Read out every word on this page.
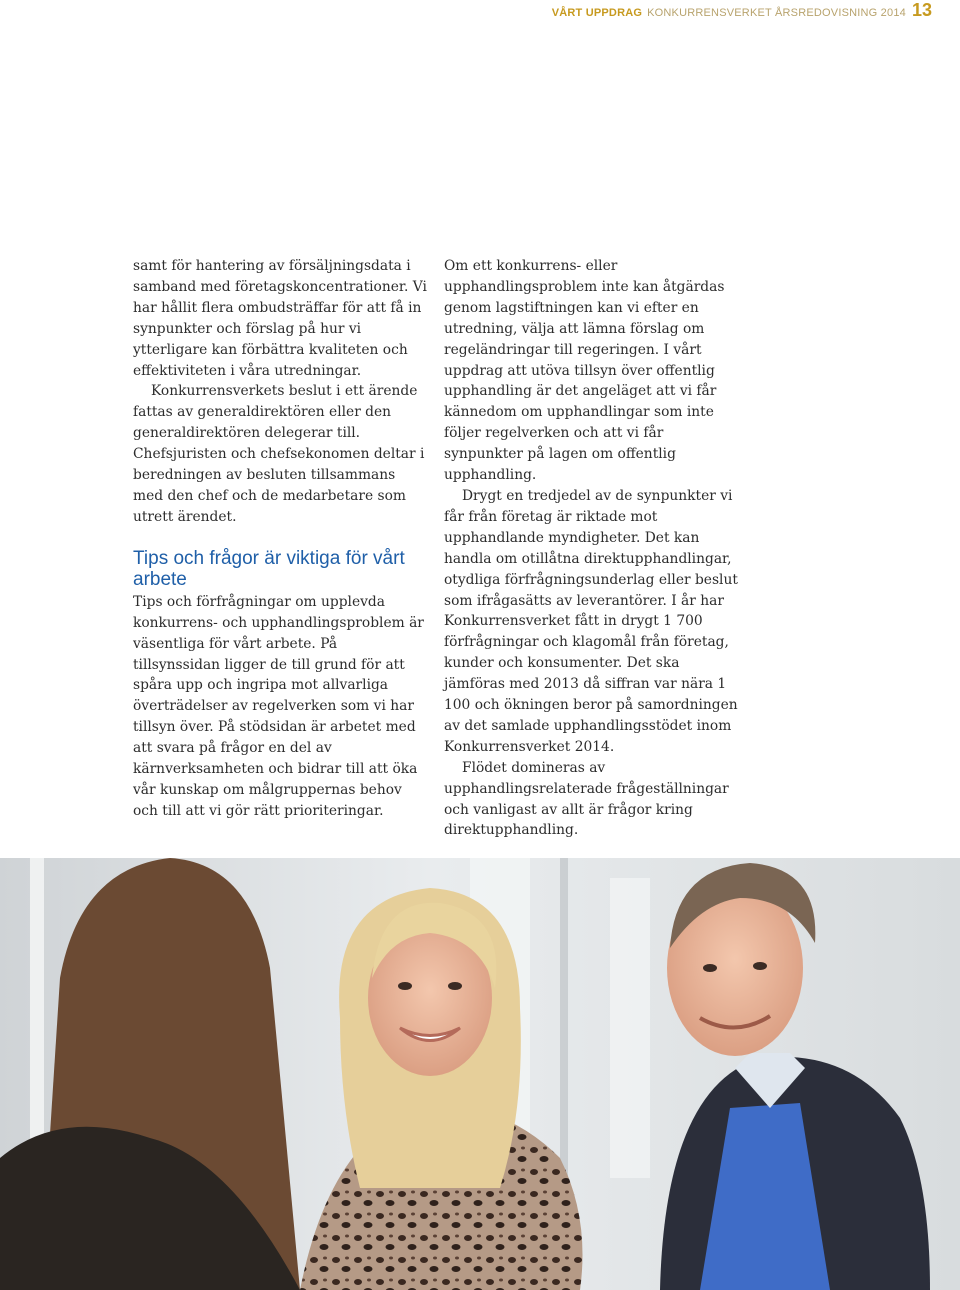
VÅRT UPPDRAG KONKURRENSVERKET ÅRSREDOVISNING 2014 13

samt för hantering av försäljningsdata i samband med företagskoncentrationer. Vi har hållit flera ombudsträffar för att få in synpunkter och förslag på hur vi ytterligare kan förbättra kvaliteten och effektiviteten i våra utredningar.

Konkurrensverkets beslut i ett ärende fattas av generaldirektören eller den generaldirektören delegerar till. Chefsjuristen och chefsekonomen deltar i beredningen av besluten tillsammans med den chef och de medarbetare som utrett ärendet.

Tips och frågor är viktiga för vårt arbete

Tips och förfrågningar om upplevda konkurrens- och upphandlingsproblem är väsentliga för vårt arbete. På tillsynssidan ligger de till grund för att spåra upp och ingripa mot allvarliga överträdelser av regelverken som vi har tillsyn över. På stödsidan är arbetet med att svara på frågor en del av kärnverksamheten och bidrar till att öka vår kunskap om målgruppernas behov och till att vi gör rätt prioriteringar.

Om ett konkurrens- eller upphandlingsproblem inte kan åtgärdas genom lagstiftningen kan vi efter en utredning, välja att lämna förslag om regeländringar till regeringen. I vårt uppdrag att utöva tillsyn över offentlig upphandling är det angeläget att vi får kännedom om upphandlingar som inte följer regelverken och att vi får synpunkter på lagen om offentlig upphandling.

Drygt en tredjedel av de synpunkter vi får från företag är riktade mot upphandlande myndigheter. Det kan handla om otillåtna direktupphandlingar, otydliga förfrågningsunderlag eller beslut som ifrågasätts av leverantörer. I år har Konkurrensverket fått in drygt 1 700 förfrågningar och klagomål från företag, kunder och konsumenter. Det ska jämföras med 2013 då siffran var nära 1 100 och ökningen beror på samordningen av det samlade upphandlingsstödet inom Konkurrensverket 2014.

Flödet domineras av upphandlingsrelaterade frågeställningar och vanligast av allt är frågor kring direktupphandling.
